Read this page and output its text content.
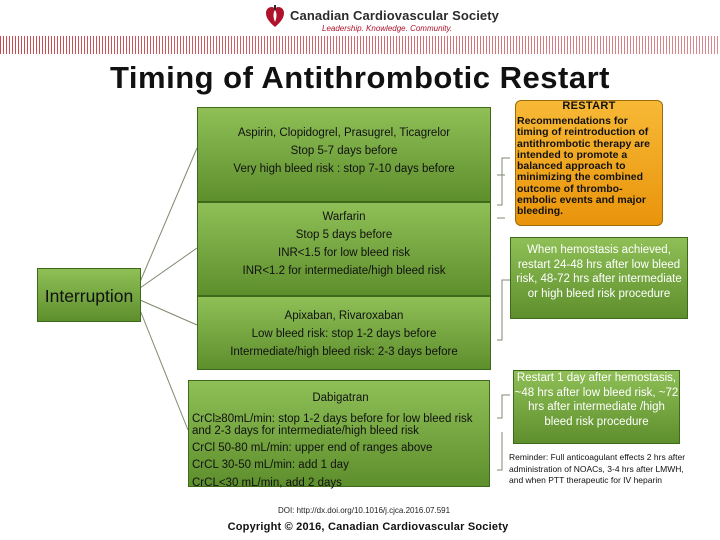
Canadian Cardiovascular Society
Leadership. Knowledge. Community.
Timing of Antithrombotic Restart
Interruption
Aspirin, Clopidogrel, Prasugrel, Ticagrelor
Stop 5-7 days before
Very high bleed risk : stop 7-10 days before
Warfarin
Stop 5 days before
INR<1.5 for low bleed risk
INR<1.2 for intermediate/high bleed risk
Apixaban, Rivaroxaban
Low bleed risk: stop 1-2 days before
Intermediate/high bleed risk: 2-3 days before
Dabigatran
CrCl≥80mL/min: stop 1-2 days before for low bleed risk and 2-3 days for intermediate/high bleed risk
CrCl 50-80 mL/min: upper end of ranges above
CrCL 30-50 mL/min: add 1 day
CrCL<30 mL/min, add 2 days
RESTART
Recommendations for timing of reintroduction of antithrombotic therapy are intended to promote a balanced approach to minimizing the combined outcome of thrombo-embolic events and major bleeding.
When hemostasis achieved, restart 24-48 hrs after low bleed risk, 48-72 hrs after intermediate or high bleed risk procedure
Restart 1 day after hemostasis, ~48 hrs after low bleed risk, ~72 hrs after intermediate /high bleed risk procedure
Reminder: Full anticoagulant effects 2 hrs after administration of NOACs, 3-4 hrs after LMWH, and when PTT therapeutic for IV heparin
DOI: http://dx.doi.org/10.1016/j.cjca.2016.07.591
Copyright © 2016, Canadian Cardiovascular Society
